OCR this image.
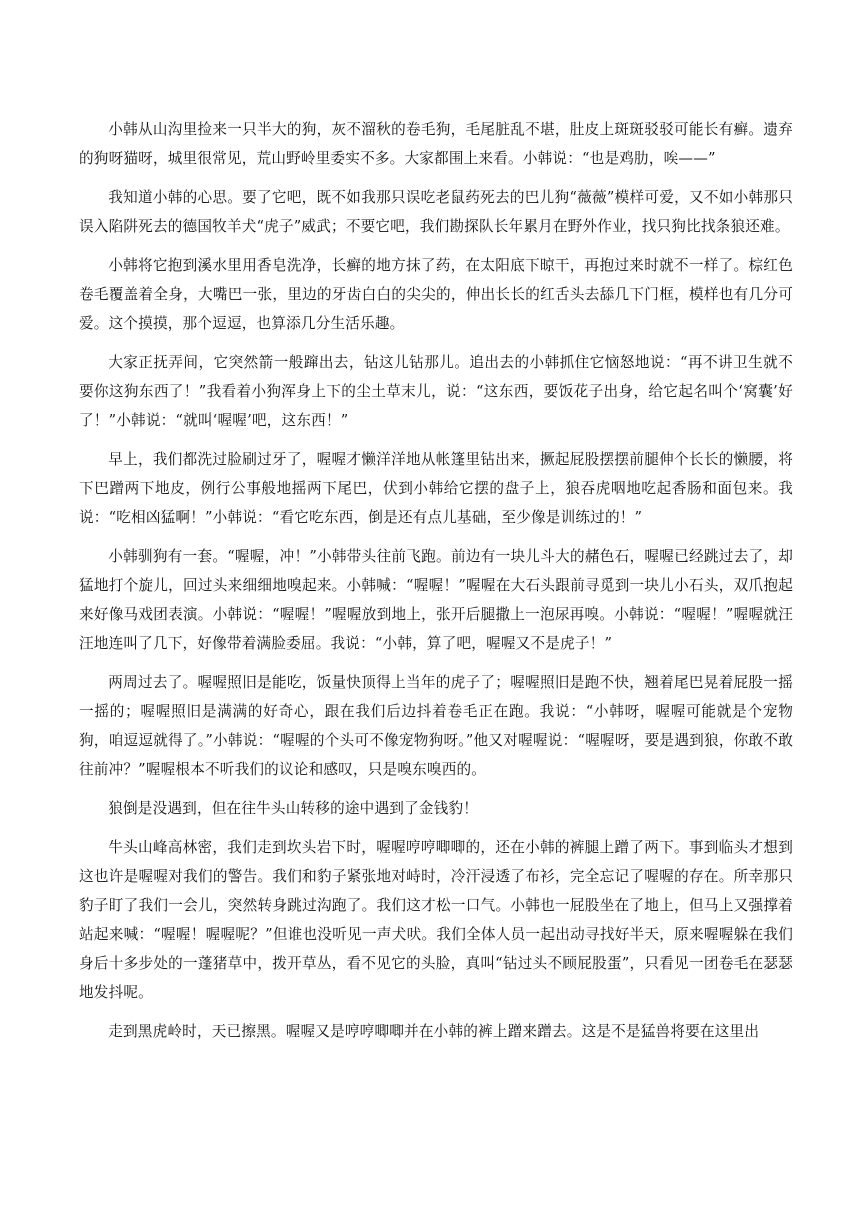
小韩从山沟里捡来一只半大的狗，灰不溜秋的卷毛狗，毛尾脏乱不堪，肚皮上斑斑驳驳可能长有癣。遗弃的狗呀猫呀，城里很常见，荒山野岭里委实不多。大家都围上来看。小韩说：“也是鸡肋，唉——”

我知道小韩的心思。要了它吧，既不如我那只误吃老鼠药死去的巴儿狗“薇薇”模样可爱，又不如小韩那只误入陷阱死去的德国牧羊犬“虎子”威武；不要它吧，我们勘探队长年累月在野外作业，找只狗比找条狼还难。

小韩将它抱到溪水里用香皂洗净，长癣的地方抹了药，在太阳底下晾干，再抱过来时就不一样了。棕红色卷毛覆盖着全身，大嘴巴一张，里边的牙齿白白的尖尖的，伸出长长的红舌头去舔几下门框，模样也有几分可爱。这个摸摸，那个逗逗，也算添几分生活乐趣。

大家正抚弄间，它突然箭一般蹿出去，钻这儿钻那儿。追出去的小韩抓住它恼怒地说：“再不讲卫生就不要你这狗东西了！”我看着小狗浑身上下的尘土草末儿，说：“这东西，要饭花子出身，给它起名叫个‘窝囊’好了！”小韩说：“就叫‘喔喔’吧，这东西！”

早上，我们都洗过脸刷过牙了，喔喔才懒洋洋地从帐篷里钻出来，撅起屁股摆摆前腿伸个长长的懒腰，将下巴蹭两下地皮，例行公事般地摇两下尾巴，伏到小韩给它摆的盘子上，狼吞虎咽地吃起香肠和面包来。我说：“吃相凶猛啊！”小韩说：“看它吃东西，倒是还有点儿基础，至少像是训练过的！”

小韩驯狗有一套。“喔喔，冲！”小韩带头往前飞跑。前边有一块儿斗大的赭色石，喔喔已经跳过去了，却猛地打个旋儿，回过头来细细地嗅起来。小韩喊：“喔喔！”喔喔在大石头跟前寻觅到一块儿小石头，双爪抱起来好像马戏团表演。小韩说：“喔喔！”喔喔放到地上，张开后腿撒上一泡尿再嗅。小韩说：“喔喔！”喔喔就汪汪地连叫了几下，好像带着满脸委屈。我说：“小韩，算了吧，喔喔又不是虎子！”

两周过去了。喔喔照旧是能吃，饭量快顶得上当年的虎子了；喔喔照旧是跑不快，翘着尾巴晃着屁股一摇一摇的；喔喔照旧是满满的好奇心，跟在我们后边抖着卷毛正在跑。我说：“小韩呀，喔喔可能就是个宠物狗，咱逗逗就得了。”小韩说：“喔喔的个头可不像宠物狗呀。”他又对喔喔说：“喔喔呀，要是遇到狼，你敢不敢往前冲？”喔喔根本不听我们的议论和感叹，只是嗅东嗅西的。

狼倒是没遇到，但在往牛头山转移的途中遇到了金钱豹！

牛头山峰高林密，我们走到坎头岩下时，喔喔哼哼唧唧的，还在小韩的裤腿上蹭了两下。事到临头才想到这也许是喔喔对我们的警告。我们和豹子紧张地对峙时，冷汗浸透了布衫，完全忘记了喔喔的存在。所幸那只豹子盯了我们一会儿，突然转身跳过沟跑了。我们这才松一口气。小韩也一屁股坐在了地上，但马上又强撑着站起来喊：“喔喔！喔喔呢？”但谁也没听见一声犬吠。我们全体人员一起出动寻找好半天，原来喔喔躲在我们身后十多步处的一蓬猪草中，拨开草丛，看不见它的头脸，真叫“钻过头不顾屁股蛋”，只看见一团卷毛在瑟瑟地发抖呢。

走到黑虎岭时，天已擦黑。喔喔又是哼哼唧唧并在小韩的裤上蹭来蹭去。这是不是猛兽将要在这里出
